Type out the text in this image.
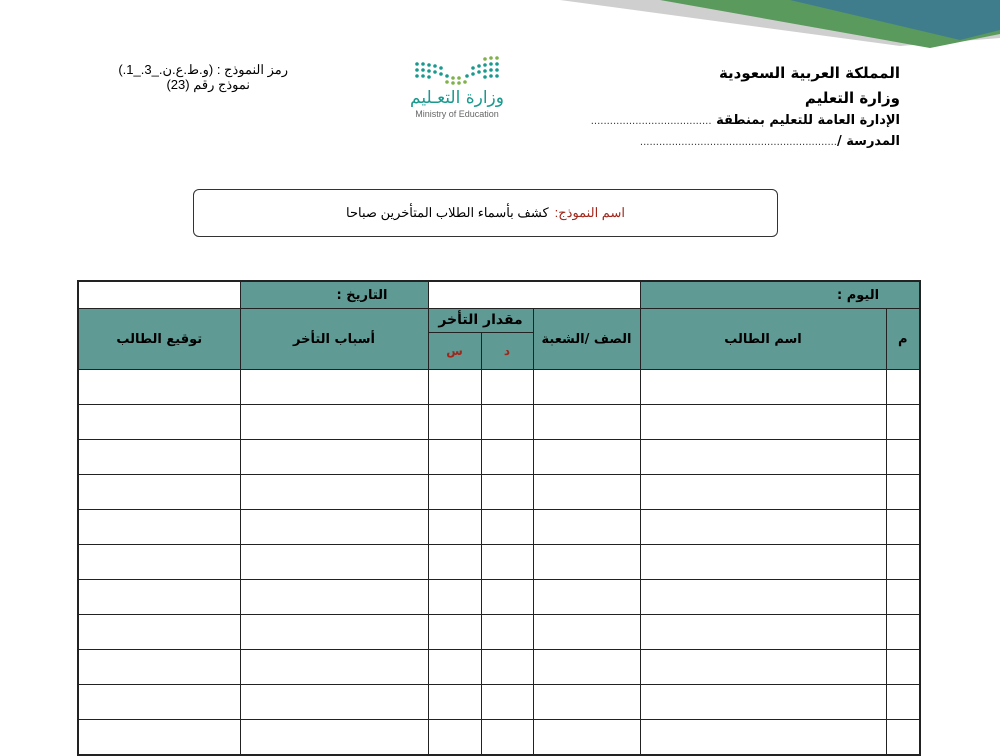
المملكة العربية السعودية
وزارة التعليم
الإدارة العامة للتعليم بمنطقة ......................................
المدرسة /..............................................................
وزارة التعـليم
Ministry of Education
رمز النموذج : (و.ط.ع.ن._3._1.)
نموذج رقم (23)
اسم النموذج:
كشف بأسماء الطلاب المتأخرين صباحا
اليوم :					التاريخ :	
م	اسم الطالب	الصف /الشعبة	مقدار التأخر		أسباب التأخر	توقيع الطالب
			د	س		
